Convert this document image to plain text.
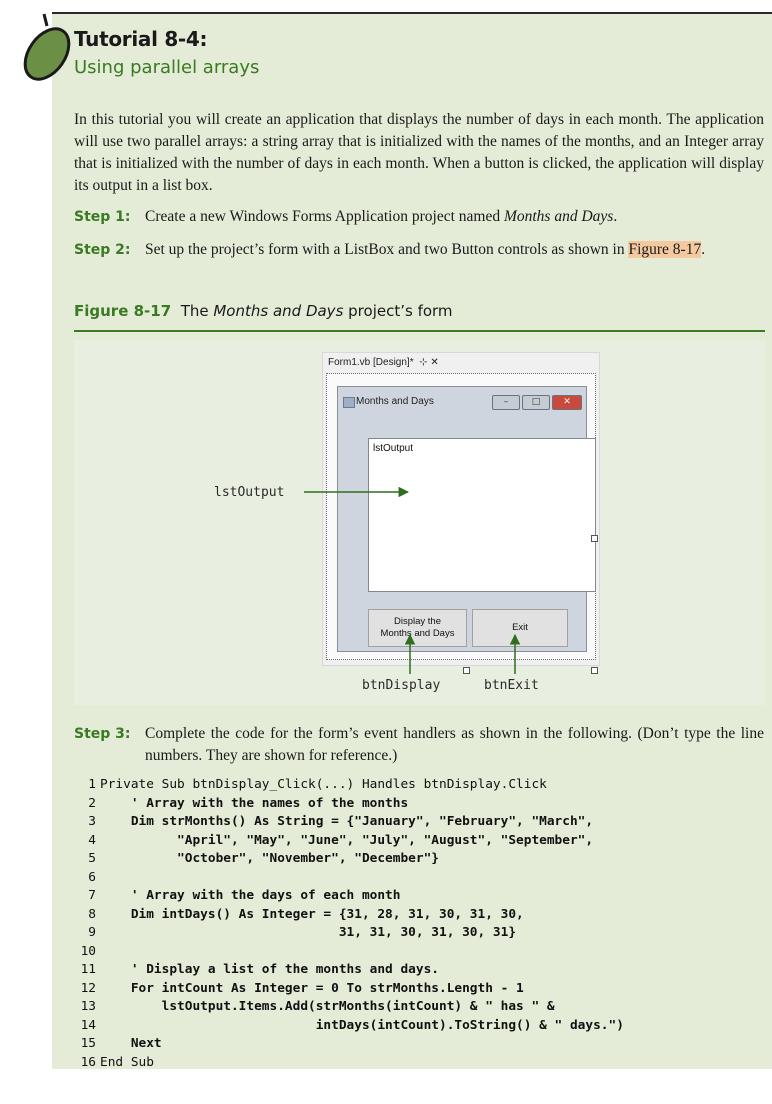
Tutorial 8-4:
Using parallel arrays
In this tutorial you will create an application that displays the number of days in each month. The application will use two parallel arrays: a string array that is initialized with the names of the months, and an Integer array that is initialized with the number of days in each month. When a button is clicked, the application will display its output in a list box.
Step 1: Create a new Windows Forms Application project named Months and Days.
Step 2: Set up the project’s form with a ListBox and two Button controls as shown in Figure 8-17.
Figure 8-17 The Months and Days project’s form
Form1.vb [Design]* ⊹ ✕
Months and Days	–	□	✕
lstOutput
Display the
Months and Days
Exit
lstOutput
btnDisplay	btnExit
Step 3: Complete the code for the form’s event handlers as shown in the following. (Don’t type the line numbers. They are shown for reference.)
1 Private Sub btnDisplay_Click(...) Handles btnDisplay.Click
2    ' Array with the names of the months
3    Dim strMonths() As String = {"January", "February", "March",
4          "April", "May", "June", "July", "August", "September",
5          "October", "November", "December"}
6
7    ' Array with the days of each month
8    Dim intDays() As Integer = {31, 28, 31, 30, 31, 30,
9                               31, 31, 30, 31, 30, 31}
10
11    ' Display a list of the months and days.
12    For intCount As Integer = 0 To strMonths.Length - 1
13        lstOutput.Items.Add(strMonths(intCount) & " has " &
14                            intDays(intCount).ToString() & " days.")
15    Next
16 End Sub
